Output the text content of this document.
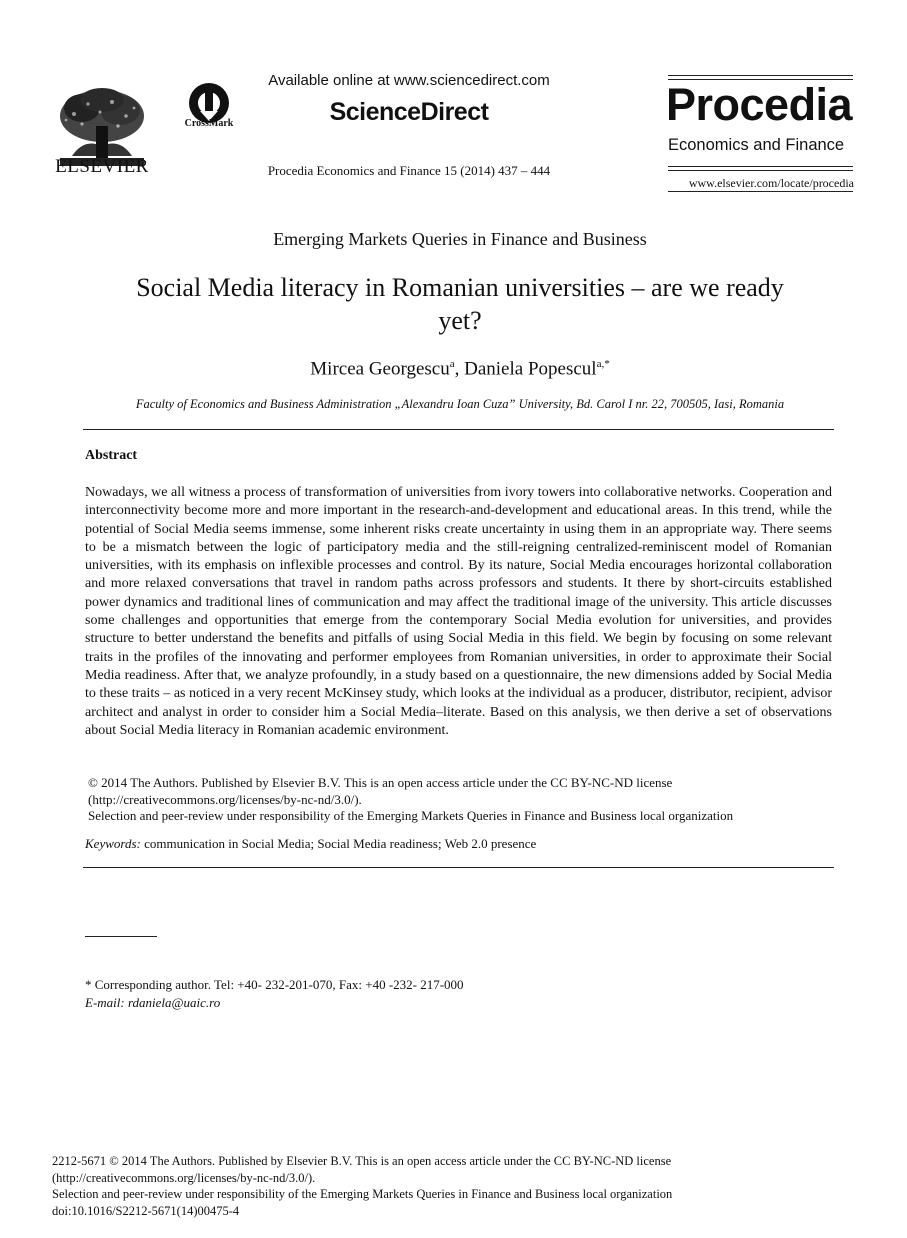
ELSEVIER
CrossMark
Available online at www.sciencedirect.com
ScienceDirect
Procedia Economics and Finance 15 (2014) 437 – 444
Procedia
Economics and Finance
www.elsevier.com/locate/procedia
Emerging Markets Queries in Finance and Business
Social Media literacy in Romanian universities – are we ready
yet?
Mircea Georgescu$^a$, Daniela Popescul$^{a,*}$
Faculty of Economics and Business Administration „Alexandru Ioan Cuza” University, Bd. Carol I nr. 22, 700505, Iasi, Romania
Abstract

Nowadays, we all witness a process of transformation of universities from ivory towers into collaborative networks. Cooperation and interconnectivity become more and more important in the research-and-development and educational areas. In this trend, while the potential of Social Media seems immense, some inherent risks create uncertainty in using them in an appropriate way. There seems to be a mismatch between the logic of participatory media and the still-reigning centralized-reminiscent model of Romanian universities, with its emphasis on inflexible processes and control. By its nature, Social Media encourages horizontal collaboration and more relaxed conversations that travel in random paths across professors and students. It there by short-circuits established power dynamics and traditional lines of communication and may affect the traditional image of the university. This article discusses some challenges and opportunities that emerge from the contemporary Social Media evolution for universities, and provides structure to better understand the benefits and pitfalls of using Social Media in this field. We begin by focusing on some relevant traits in the profiles of the innovating and performer employees from Romanian universities, in order to approximate their Social Media readiness. After that, we analyze profoundly, in a study based on a questionnaire, the new dimensions added by Social Media to these traits – as noticed in a very recent McKinsey study, which looks at the individual as a producer, distributor, recipient, advisor architect and analyst in order to consider him a Social Media–literate. Based on this analysis, we then derive a set of observations about Social Media literacy in Romanian academic environment.

© 2014 The Authors. Published by Elsevier B.V. This is an open access article under the CC BY-NC-ND license
(http://creativecommons.org/licenses/by-nc-nd/3.0/).
Selection and peer-review under responsibility of the Emerging Markets Queries in Finance and Business local organization
Keywords: communication in Social Media; Social Media readiness; Web 2.0 presence
* Corresponding author. Tel: +40- 232-201-070, Fax: +40 -232- 217-000
E-mail: rdaniela@uaic.ro
2212-5671 © 2014 The Authors. Published by Elsevier B.V. This is an open access article under the CC BY-NC-ND license
(http://creativecommons.org/licenses/by-nc-nd/3.0/).
Selection and peer-review under responsibility of the Emerging Markets Queries in Finance and Business local organization
doi:10.1016/S2212-5671(14)00475-4
